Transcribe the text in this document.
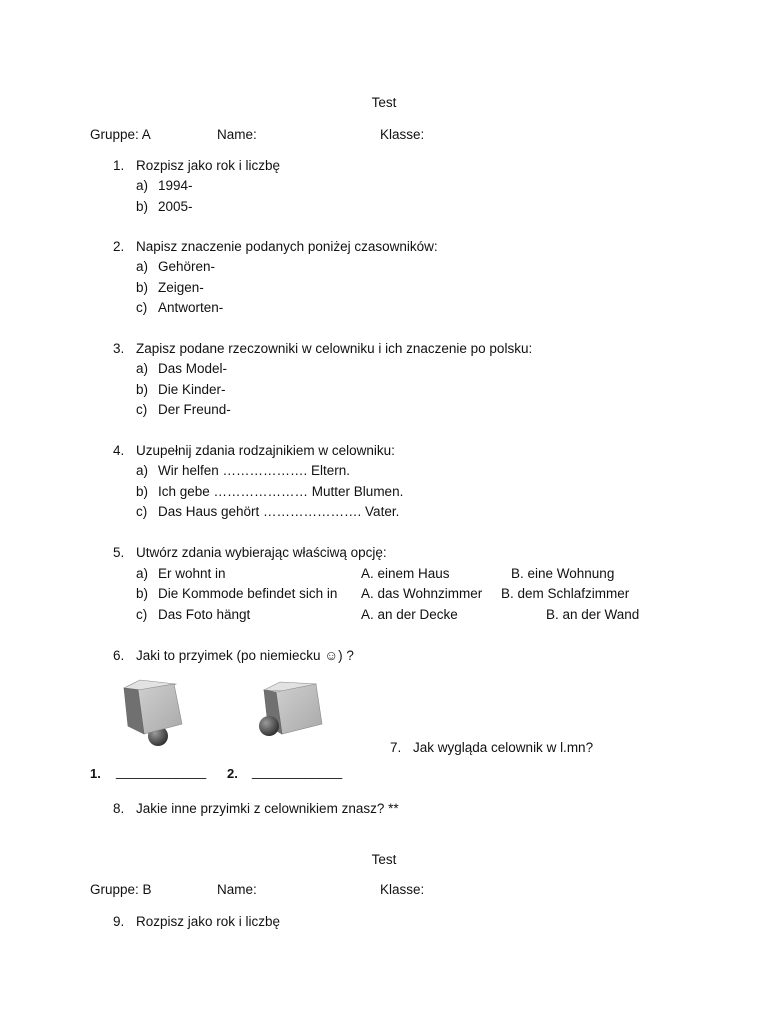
Test
Gruppe: A	Name:	Klasse:
1. Rozpisz jako rok i liczbę
a) 1994-
b) 2005-
2. Napisz znaczenie podanych poniżej czasowników:
a) Gehören-
b) Zeigen-
c) Antworten-
3. Zapisz podane rzeczowniki w celowniku i ich znaczenie po polsku:
a) Das Model-
b) Die Kinder-
c) Der Freund-
4. Uzupełnij zdania rodzajnikiem w celowniku:
a) Wir helfen ………………. Eltern.
b) Ich gebe ………………… Mutter Blumen.
c) Das Haus gehört …………………. Vater.
5. Utwórz zdania wybierając właściwą opcję:
a) Er wohnt in	A. einem Haus	B. eine Wohnung
b) Die Kommode befindet sich in A. das Wohnzimmer B. dem Schlafzimmer
c) Das Foto hängt	A. an der Decke	B. an der Wand
6. Jaki to przyimek (po niemiecku ☺) ?
7. Jak wygląda celownik w l.mn?
1. ____________ 2. ____________
8. Jakie inne przyimki z celownikiem znasz? **
Test
Gruppe: B	Name:	Klasse:
9. Rozpisz jako rok i liczbę
